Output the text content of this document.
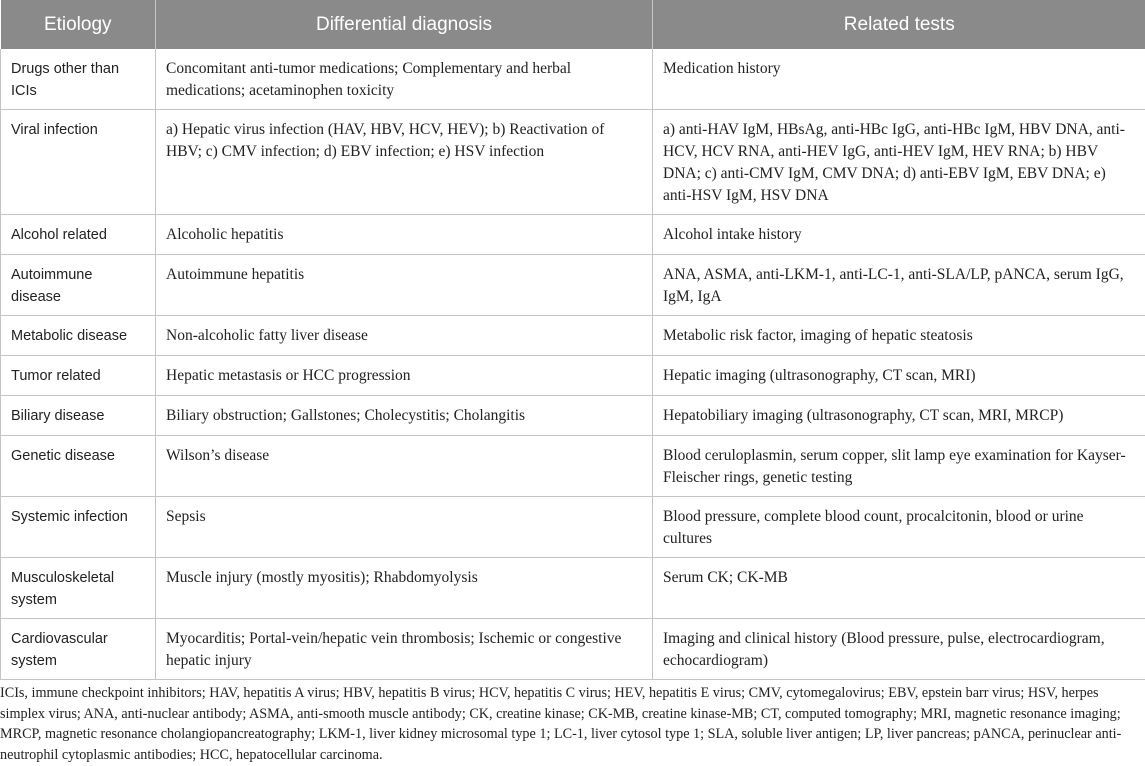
Etiology	Differential diagnosis	Related tests
Drugs other than ICIs	Concomitant anti-tumor medications; Complementary and herbal medications; acetaminophen toxicity	Medication history
Viral infection	a) Hepatic virus infection (HAV, HBV, HCV, HEV); b) Reactivation of HBV; c) CMV infection; d) EBV infection; e) HSV infection	a) anti-HAV IgM, HBsAg, anti-HBc IgG, anti-HBc IgM, HBV DNA, anti-HCV, HCV RNA, anti-HEV IgG, anti-HEV IgM, HEV RNA; b) HBV DNA; c) anti-CMV IgM, CMV DNA; d) anti-EBV IgM, EBV DNA; e) anti-HSV IgM, HSV DNA
Alcohol related	Alcoholic hepatitis	Alcohol intake history
Autoimmune disease	Autoimmune hepatitis	ANA, ASMA, anti-LKM-1, anti-LC-1, anti-SLA/LP, pANCA, serum IgG, IgM, IgA
Metabolic disease	Non-alcoholic fatty liver disease	Metabolic risk factor, imaging of hepatic steatosis
Tumor related	Hepatic metastasis or HCC progression	Hepatic imaging (ultrasonography, CT scan, MRI)
Biliary disease	Biliary obstruction; Gallstones; Cholecystitis; Cholangitis	Hepatobiliary imaging (ultrasonography, CT scan, MRI, MRCP)
Genetic disease	Wilson’s disease	Blood ceruloplasmin, serum copper, slit lamp eye examination for Kayser-Fleischer rings, genetic testing
Systemic infection	Sepsis	Blood pressure, complete blood count, procalcitonin, blood or urine cultures
Musculoskeletal system	Muscle injury (mostly myositis); Rhabdomyolysis	Serum CK; CK-MB
Cardiovascular system	Myocarditis; Portal-vein/hepatic vein thrombosis; Ischemic or congestive hepatic injury	Imaging and clinical history (Blood pressure, pulse, electrocardiogram, echocardiogram)

ICIs, immune checkpoint inhibitors; HAV, hepatitis A virus; HBV, hepatitis B virus; HCV, hepatitis C virus; HEV, hepatitis E virus; CMV, cytomegalovirus; EBV, epstein barr virus; HSV, herpes simplex virus; ANA, anti-nuclear antibody; ASMA, anti-smooth muscle antibody; CK, creatine kinase; CK-MB, creatine kinase-MB; CT, computed tomography; MRI, magnetic resonance imaging; MRCP, magnetic resonance cholangiopancreatography; LKM-1, liver kidney microsomal type 1; LC-1, liver cytosol type 1; SLA, soluble liver antigen; LP, liver pancreas; pANCA, perinuclear anti-neutrophil cytoplasmic antibodies; HCC, hepatocellular carcinoma.
